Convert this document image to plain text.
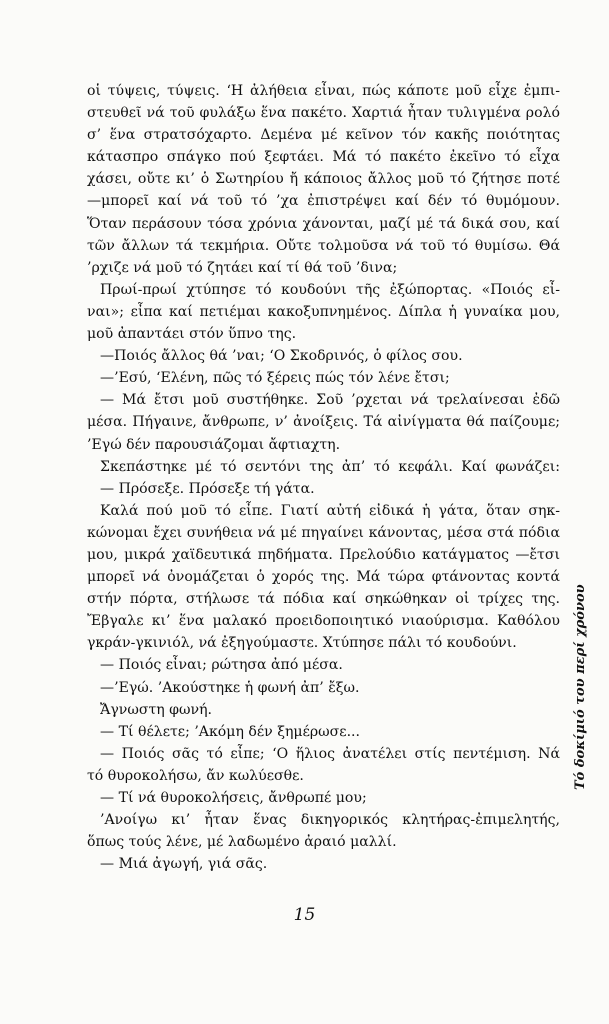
οἱ τύψεις, τύψεις. ‘Η ἀλήθεια εἶναι, πώς κάποτε μοῦ εἶχε ἐμπι-
στευθεῖ νά τοῦ φυλάξω ἕνα πακέτο. Χαρτιά ἦταν τυλιγμένα ρολό
σ’ ἕνα στρατσόχαρτο. Δεμένα μέ κεῖνον τόν κακῆς ποιότητας
κάτασπρο σπάγκο πού ξεφτάει. Μά τό πακέτο ἐκεῖνο τό εἶχα
χάσει, οὔτε κι’ ὁ Σωτηρίου ἤ κάποιος ἄλλος μοῦ τό ζήτησε ποτέ
—μπορεῖ καί νά τοῦ τό ’χα ἐπιστρέψει καί δέν τό θυμόμουν.
Ὅταν περάσουν τόσα χρόνια χάνονται, μαζί μέ τά δικά σου, καί
τῶν ἄλλων τά τεκμήρια. Οὔτε τολμοῦσα νά τοῦ τό θυμίσω. Θά
’ρχιζε νά μοῦ τό ζητάει καί τί θά τοῦ ’δινα;
Πρωί-πρωί χτύπησε τό κουδούνι τῆς ἐξώπορτας. «Ποιός εἶ-
ναι»; εἶπα καί πετιέμαι κακοξυπνημένος. Δίπλα ἡ γυναίκα μου,
μοῦ ἀπαντάει στόν ὕπνο της.
—Ποιός ἄλλος θά ’ναι; ‘Ο Σκοδρινός, ὁ φίλος σου.
—’Εσύ, ‘Ελένη, πῶς τό ξέρεις πώς τόν λένε ἔτσι;
— Μά ἔτσι μοῦ συστήθηκε. Σοῦ ’ρχεται νά τρελαίνεσαι ἐδῶ
μέσα. Πήγαινε, ἄνθρωπε, ν’ ἀνοίξεις. Τά αἰνίγματα θά παίζουμε;
’Εγώ δέν παρουσιάζομαι ἄφτιαχτη.
Σκεπάστηκε μέ τό σεντόνι της ἀπ’ τό κεφάλι. Καί φωνάζει:
— Πρόσεξε. Πρόσεξε τή γάτα.
Καλά πού μοῦ τό εἶπε. Γιατί αὐτή εἰδικά ἡ γάτα, ὅταν σηκ-
κώνομαι ἔχει συνήθεια νά μέ πηγαίνει κάνοντας, μέσα στά πόδια
μου, μικρά χαϊδευτικά πηδήματα. Πρελούδιο κατάγματος —ἔτσι
μπορεῖ νά ὀνομάζεται ὁ χορός της. Μά τώρα φτάνοντας κοντά
στήν πόρτα, στήλωσε τά πόδια καί σηκώθηκαν οἱ τρίχες της.
Ἔβγαλε κι’ ἕνα μαλακό προειδοποιητικό νιαούρισμα. Καθόλου
γκράν-γκινιόλ, νά ἐξηγούμαστε. Χτύπησε πάλι τό κουδούνι.
— Ποιός εἶναι; ρώτησα ἀπό μέσα.
—’Εγώ. ’Ακούστηκε ἡ φωνή ἀπ’ ἔξω.
Ἄγνωστη φωνή.
— Τί θέλετε; ’Ακόμη δέν ξημέρωσε...
— Ποιός σᾶς τό εἶπε; ‘Ο ἥλιος ἀνατέλει στίς πεντέμιση. Νά
τό θυροκολήσω, ἄν κωλύεσθε.
— Τί νά θυροκολήσεις, ἄνθρωπέ μου;
’Ανοίγω κι’ ἦταν ἕνας δικηγορικός κλητήρας-ἐπιμελητής,
ὅπως τούς λένε, μέ λαδωμένο ἀραιό μαλλί.
— Μιά ἀγωγή, γιά σᾶς.
15
Τό δοκίμιό του περί χρόνου
